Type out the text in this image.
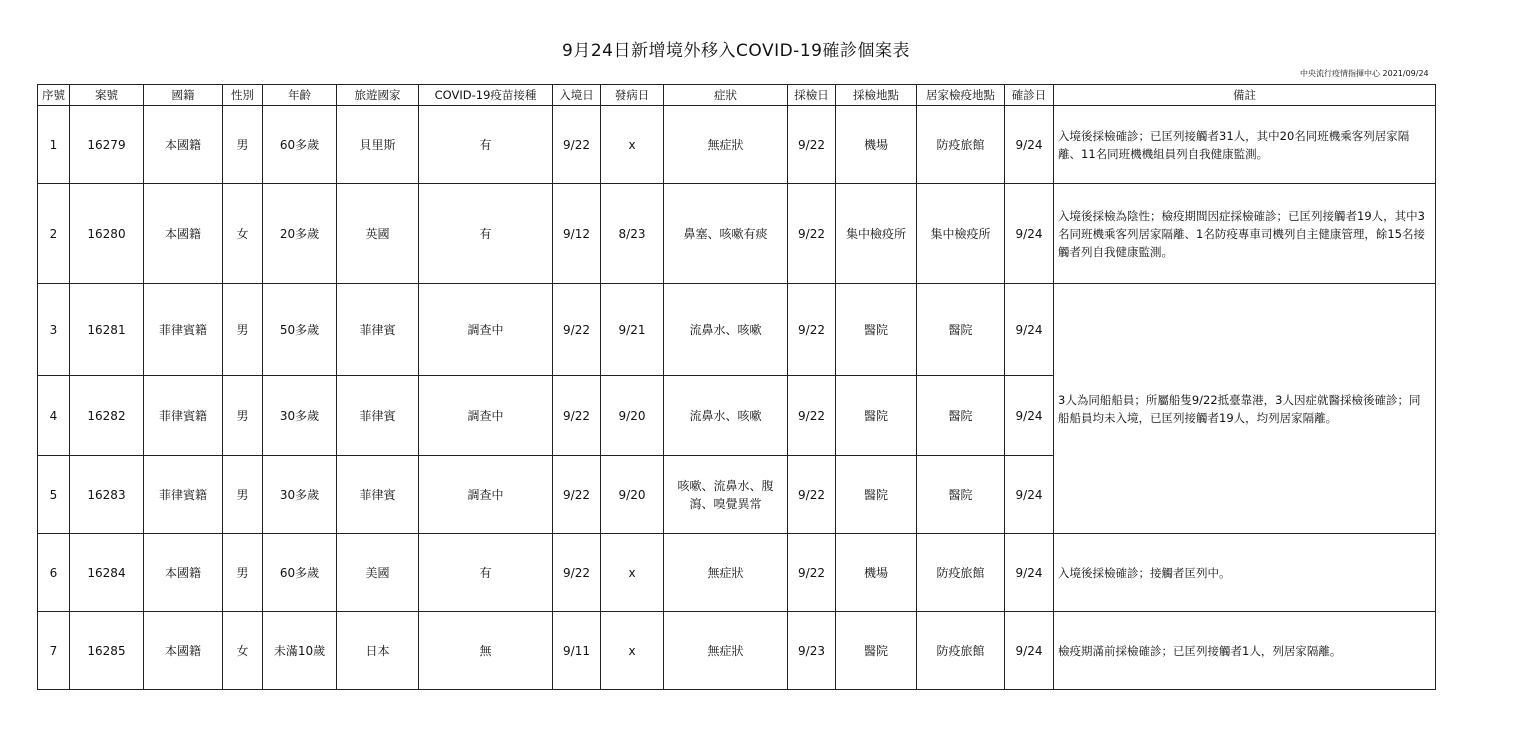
9月24日新增境外移入COVID-19確診個案表
中央流行疫情指揮中心 2021/09/24
序號	案號	國籍	性別	年齡	旅遊國家	COVID-19疫苗接種	入境日	發病日	症狀	採檢日	採檢地點	居家檢疫地點	確診日	備註
1	16279	本國籍	男	60多歲	貝里斯	有	9/22	x	無症狀	9/22	機場	防疫旅館	9/24	入境後採檢確診；已匡列接觸者31人，其中20名同班機乘客列居家隔離、11名同班機機組員列自我健康監測。
2	16280	本國籍	女	20多歲	英國	有	9/12	8/23	鼻塞、咳嗽有痰	9/22	集中檢疫所	集中檢疫所	9/24	入境後採檢為陰性；檢疫期間因症採檢確診；已匡列接觸者19人，其中3名同班機乘客列居家隔離、1名防疫專車司機列自主健康管理，餘15名接觸者列自我健康監測。
3	16281	菲律賓籍	男	50多歲	菲律賓	調查中	9/22	9/21	流鼻水、咳嗽	9/22	醫院	醫院	9/24	3人為同船船員；所屬船隻9/22抵臺靠港，3人因症就醫採檢後確診；同船船員均未入境，已匡列接觸者19人，均列居家隔離。
4	16282	菲律賓籍	男	30多歲	菲律賓	調查中	9/22	9/20	流鼻水、咳嗽	9/22	醫院	醫院	9/24	
5	16283	菲律賓籍	男	30多歲	菲律賓	調查中	9/22	9/20	咳嗽、流鼻水、腹瀉、嗅覺異常	9/22	醫院	醫院	9/24	
6	16284	本國籍	男	60多歲	美國	有	9/22	x	無症狀	9/22	機場	防疫旅館	9/24	入境後採檢確診；接觸者匡列中。
7	16285	本國籍	女	未滿10歲	日本	無	9/11	x	無症狀	9/23	醫院	防疫旅館	9/24	檢疫期滿前採檢確診；已匡列接觸者1人，列居家隔離。
